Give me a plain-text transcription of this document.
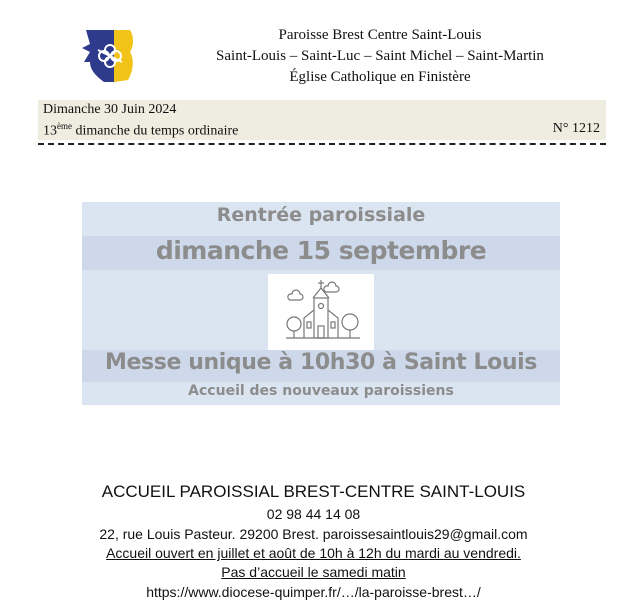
Paroisse Brest Centre Saint-Louis
Saint-Louis – Saint-Luc – Saint Michel – Saint-Martin
Église Catholique en Finistère
Dimanche 30 Juin 2024
13ème dimanche du temps ordinaire	N° 1212
Rentrée paroissiale
dimanche 15 septembre
Messe unique à 10h30 à Saint Louis
Accueil des nouveaux paroissiens
ACCUEIL PAROISSIAL BREST-CENTRE SAINT-LOUIS
02 98 44 14 08
22, rue Louis Pasteur. 29200 Brest. paroissesaintlouis29@gmail.com
Accueil ouvert en juillet et août de 10h à 12h du mardi au vendredi.
Pas d’accueil le samedi matin
https://www.diocese-quimper.fr/…/la-paroisse-brest…/
